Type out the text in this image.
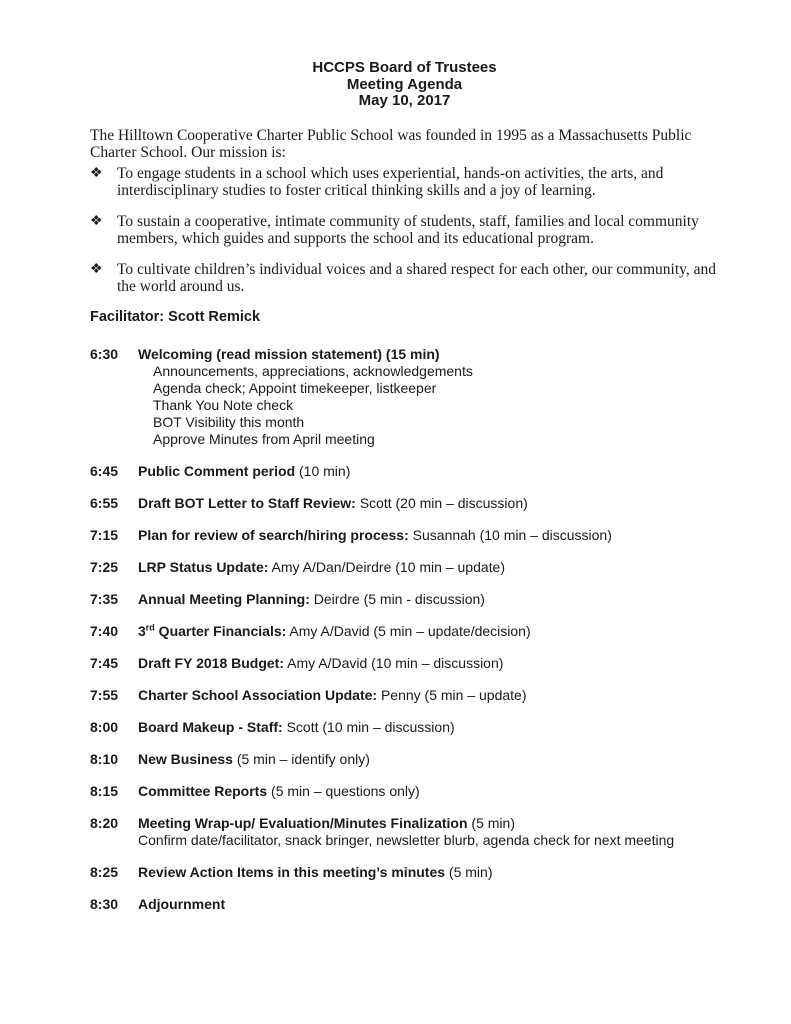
HCCPS Board of Trustees
Meeting Agenda
May 10, 2017

The Hilltown Cooperative Charter Public School was founded in 1995 as a Massachusetts Public Charter School. Our mission is:

❖ To engage students in a school which uses experiential, hands-on activities, the arts, and interdisciplinary studies to foster critical thinking skills and a joy of learning.
❖ To sustain a cooperative, intimate community of students, staff, families and local community members, which guides and supports the school and its educational program.
❖ To cultivate children’s individual voices and a shared respect for each other, our community, and the world around us.

Facilitator: Scott Remick

6:30	Welcoming (read mission statement) (15 min)
Announcements, appreciations, acknowledgements
Agenda check; Appoint timekeeper, listkeeper
Thank You Note check
BOT Visibility this month
Approve Minutes from April meeting
6:45	Public Comment period (10 min)
6:55	Draft BOT Letter to Staff Review: Scott (20 min – discussion)
7:15	Plan for review of search/hiring process: Susannah (10 min – discussion)
7:25	LRP Status Update: Amy A/Dan/Deirdre (10 min – update)
7:35	Annual Meeting Planning: Deirdre (5 min - discussion)
7:40	3rd Quarter Financials: Amy A/David (5 min – update/decision)
7:45	Draft FY 2018 Budget: Amy A/David (10 min – discussion)
7:55	Charter School Association Update: Penny (5 min – update)
8:00	Board Makeup - Staff: Scott (10 min – discussion)
8:10	New Business (5 min – identify only)
8:15	Committee Reports (5 min – questions only)
8:20	Meeting Wrap-up/ Evaluation/Minutes Finalization (5 min)
Confirm date/facilitator, snack bringer, newsletter blurb, agenda check for next meeting
8:25	Review Action Items in this meeting’s minutes (5 min)
8:30	Adjournment
